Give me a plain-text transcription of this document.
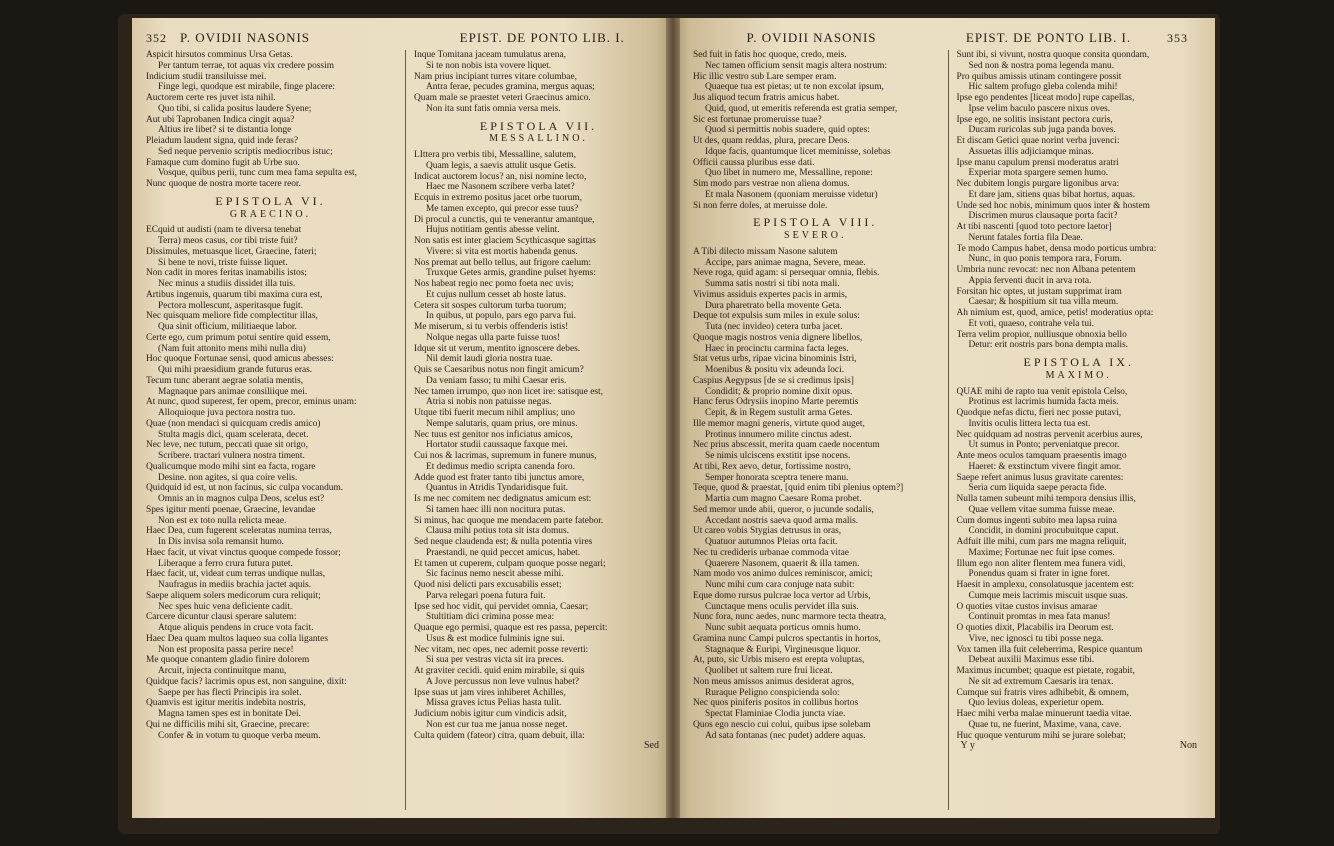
352	P. OVIDII NASONIS	EPIST. DE PONTO LIB. I.
Aspicit hirsutos comminus Ursa Getas.
Per tantum terrae, tot aquas vix credere possim
Indicium studii transiluisse mei.
Finge legi, quodque est mirabile, finge placere:
Auctorem certe res juvet ista nihil.
Quo tibi, si calida positus laudere Syene;
Aut ubi Taprobanen Indica cingit aqua?
Altius ire libet? si te distantia longe
Pleiadum laudent signa, quid inde feras?
Sed neque pervenio scriptis mediocribus istuc;
Famaque cum domino fugit ab Urbe suo.
Vosque, quibus perii, tunc cum mea fama sepulta est,
Nunc quoque de nostra morte tacere reor.
EPISTOLA VI.
GRAECINO.
ECquid ut audisti (nam te diversa tenebat
Terra) meos casus, cor tibi triste fuit?
Dissimules, metuasque licet, Graecine, fateri;
Si bene te novi, triste fuisse liquet.
Non cadit in mores feritas inamabilis istos;
Nec minus a studiis dissidet illa tuis.
Artibus ingenuis, quarum tibi maxima cura est,
Pectora mollescunt, asperitasque fugit.
Nec quisquam meliore fide complectitur illas,
Qua sinit officium, militiaeque labor.
Certe ego, cum primum potui sentire quid essem,
(Nam fuit attonito mens mihi nulla diu)
Hoc quoque Fortunae sensi, quod amicus abesses:
Qui mihi praesidium grande futurus eras.
Tecum tunc aberant aegrae solatia mentis,
Magnaque pars animae consiliique mei.
At nunc, quod superest, fer opem, precor, eminus unam:
Alloquioque juva pectora nostra tuo.
Quae (non mendaci si quicquam credis amico)
Stulta magis dici, quam scelerata, decet.
Nec leve, nec tutum, peccati quae sit origo,
Scribere. tractari vulnera nostra timent.
Qualicumque modo mihi sint ea facta, rogare
Desine. non agites, si qua coire velis.
Quidquid id est, ut non facinus, sic culpa vocandum.
Omnis an in magnos culpa Deos, scelus est?
Spes igitur menti poenae, Graecine, levandae
Non est ex toto nulla relicta meae.
Haec Dea, cum fugerent sceleratas numina terras,
In Dis invisa sola remansit humo.
Haec facit, ut vivat vinctus quoque compede fossor;
Liberaque a ferro crura futura putet.
Haec facit, ut, videat cum terras undique nullas,
Naufragus in mediis brachia jactet aquis.
Saepe aliquem solers medicorum cura reliquit;
Nec spes huic vena deficiente cadit.
Carcere dicuntur clausi sperare salutem:
Atque aliquis pendens in cruce vota facit.
Haec Dea quam multos laqueo sua colla ligantes
Non est proposita passa perire nece!
Me quoque conantem gladio finire dolorem
Arcuit, injecta continuitque manu,
Quidque facis? lacrimis opus est, non sanguine, dixit:
Saepe per has flecti Principis ira solet.
Quamvis est igitur meritis indebita nostris,
Magna tamen spes est in bonitate Dei.
Qui ne difficilis mihi sit, Graecine, precare:
Confer & in votum tu quoque verba meum.
Inque Tomitana jaceam tumulatus arena,
Si te non nobis ista vovere liquet.
Nam prius incipiant turres vitare columbae,
Antra ferae, pecudes gramina, mergus aquas;
Quam male se praestet veteri Graecinus amico.
Non ita sunt fatis omnia versa meis.
EPISTOLA VII.
MESSALLINO.
LIttera pro verbis tibi, Messalline, salutem,
Quam legis, a saevis attulit usque Getis.
Indicat auctorem locus? an, nisi nomine lecto,
Haec me Nasonem scribere verba latet?
Ecquis in extremo positus jacet orbe tuorum,
Me tamen excepto, qui precor esse tuus?
Di procul a cunctis, qui te venerantur amantque,
Hujus notitiam gentis abesse velint.
Non satis est inter glaciem Scythicasque sagittas
Vivere: si vita est mortis habenda genus.
Nos premat aut bello tellus, aut frigore caelum:
Truxque Getes armis, grandine pulset hyems:
Nos habeat regio nec pomo foeta nec uvis;
Et cujus nullum cesset ab hoste latus.
Cetera sit sospes cultorum turba tuorum;
In quibus, ut populo, pars ego parva fui.
Me miserum, si tu verbis offenderis istis!
Nolque negas ulla parte fuisse tuos!
Idque sit ut verum, mentito ignoscere debes.
Nil demit laudi gloria nostra tuae.
Quis se Caesaribus notus non fingit amicum?
Da veniam fasso; tu mihi Caesar eris.
Nec tamen irrumpo, quo non licet ire: satisque est,
Atria si nobis non patuisse negas.
Utque tibi fuerit mecum nihil amplius; uno
Nempe salutaris, quam prius, ore minus.
Nec tuus est genitor nos inficiatus amicos,
Hortator studii caussaque faxque mei.
Cui nos & lacrimas, supremum in funere munus,
Et dedimus medio scripta canenda foro.
Adde quod est frater tanto tibi junctus amore,
Quantus in Atridis Tyndaridisque fuit.
Is me nec comitem nec dedignatus amicum est:
Si tamen haec illi non nocitura putas.
Si minus, hac quoque me mendacem parte fatebor.
Clausa mihi potius tota sit ista domus.
Sed neque claudenda est; & nulla potentia vires
Praestandi, ne quid peccet amicus, habet.
Et tamen ut cuperem, culpam quoque posse negari;
Sic facinus nemo nescit abesse mihi.
Quod nisi delicti pars excusabilis esset;
Parva relegari poena futura fuit.
Ipse sed hoc vidit, qui pervidet omnia, Caesar;
Stultitiam dici crimina posse mea:
Quaque ego permisi, quaque est res passa, pepercit:
Usus & est modice fulminis igne sui.
Nec vitam, nec opes, nec ademit posse reverti:
Si sua per vestras victa sit ira preces.
At graviter cecidi. quid enim mirabile, si quis
A Jove percussus non leve vulnus habet?
Ipse suas ut jam vires inhiberet Achilles,
Missa graves ictus Pelias hasta tulit.
Judicium nobis igitur cum vindicis adsit,
Non est cur tua me janua nosse neget.
Culta quidem (fateor) citra, quam debuit, illa:
Sed
P. OVIDII NASONIS	EPIST. DE PONTO LIB. I.	353
Sed fuit in fatis hoc quoque, credo, meis.
Nec tamen officium sensit magis altera nostrum:
Hic illic vestro sub Lare semper eram.
Quaeque tua est pietas; ut te non excolat ipsum,
Jus aliquod tecum fratris amicus habet.
Quid, quod, ut emeritis referenda est gratia semper,
Sic est fortunae promeruisse tuae?
Quod si permittis nobis suadere, quid optes:
Ut des, quam reddas, plura, precare Deos.
Idque facis, quantumque licet meminisse, solebas
Officii caussa pluribus esse dati.
Quo libet in numero me, Messalline, repone:
Sim modo pars vestrae non aliena domus.
Et mala Nasonem (quoniam meruisse videtur)
Si non ferre doles, at meruisse dole.
EPISTOLA VIII.
SEVERO.
A Tibi dilecto missam Nasone salutem
Accipe, pars animae magna, Severe, meae.
Neve roga, quid agam: si persequar omnia, flebis.
Summa satis nostri si tibi nota mali.
Vivimus assiduis expertes pacis in armis,
Dura pharetrato bella movente Geta.
Deque tot expulsis sum miles in exule solus:
Tuta (nec invideo) cetera turba jacet.
Quoque magis nostros venia dignere libellos,
Haec in procinctu carmina facta leges.
Stat vetus urbs, ripae vicina binominis Istri,
Moenibus & positu vix adeunda loci.
Caspius Aegypsus [de se si credimus ipsis]
Condidit; & proprio nomine dixit opus.
Hanc ferus Odrysiis inopino Marte peremtis
Cepit, & in Regem sustulit arma Getes.
Ille memor magni generis, virtute quod auget,
Protinus innumero milite cinctus adest.
Nec prius abscessit, merita quam caede nocentum
Se nimis ulciscens exstitit ipse nocens.
At tibi, Rex aevo, detur, fortissime nostro,
Semper honorata sceptra tenere manu.
Teque, quod & praestat, [quid enim tibi plenius optem?]
Martia cum magno Caesare Roma probet.
Sed memor unde abii, queror, o jucunde sodalis,
Accedant nostris saeva quod arma malis.
Ut careo vobis Stygias detrusus in oras,
Quatuor autumnos Pleias orta facit.
Nec tu credideris urbanae commoda vitae
Quaerere Nasonem, quaerit & illa tamen.
Nam modo vos animo dulces reminiscor, amici;
Nunc mihi cum cara conjuge nata subit:
Eque domo rursus pulcrae loca vertor ad Urbis,
Cunctaque mens oculis pervidet illa suis.
Nunc fora, nunc aedes, nunc marmore tecta theatra,
Nunc subit aequata porticus omnis humo.
Gramina nunc Campi pulcros spectantis in hortos,
Stagnaque & Euripi, Virgineusque liquor.
At, puto, sic Urbis misero est erepta voluptas,
Quolibet ut saltem rure frui liceat.
Non meus amissos animus desiderat agros,
Ruraque Peligno conspicienda solo:
Nec quos piniferis positos in collibus hortos
Spectat Flaminiae Clodia juncta viae.
Quos ego nescio cui colui, quibus ipse solebam
Ad sata fontanas (nec pudet) addere aquas.
Sunt ibi, si vivunt, nostra quoque consita quondam,
Sed non & nostra poma legenda manu.
Pro quibus amissis utinam contingere possit
Hic saltem profugo gleba colenda mihi!
Ipse ego pendentes [liceat modo] rupe capellas,
Ipse velim baculo pascere nixus oves.
Ipse ego, ne solitis insistant pectora curis,
Ducam ruricolas sub juga panda boves.
Et discam Getici quae norint verba juvenci:
Assuetas illis adjiciamque minas.
Ipse manu capulum prensi moderatus aratri
Experiar mota spargere semen humo.
Nec dubitem longis purgare ligonibus arva:
Et dare jam, sitiens quas bibat hortus, aquas.
Unde sed hoc nobis, minimum quos inter & hostem
Discrimen murus clausaque porta facit?
At tibi nascenti [quod toto pectore laetor]
Nerunt fatales fortia fila Deae.
Te modo Campus habet, densa modo porticus umbra:
Nunc, in quo ponis tempora rara, Forum.
Umbria nunc revocat: nec non Albana petentem
Appia ferventi ducit in arva rota.
Forsitan hic optes, ut justam supprimat iram
Caesar; & hospitium sit tua villa meum.
Ah nimium est, quod, amice, petis! moderatius opta:
Et voti, quaeso, contrahe vela tui.
Terra velim propior, nulliusque obnoxia bello
Detur: erit nostris pars bona dempta malis.
EPISTOLA IX.
MAXIMO.
QUAE mihi de rapto tua venit epistola Celso,
Protinus est lacrimis humida facta meis.
Quodque nefas dictu, fieri nec posse putavi,
Invitis oculis littera lecta tua est.
Nec quidquam ad nostras pervenit acerbius aures,
Ut sumus in Ponto; perveniatque precor.
Ante meos oculos tamquam praesentis imago
Haeret: & exstinctum vivere fingit amor.
Saepe refert animus lusus gravitate carentes:
Seria cum liquida saepe peracta fide.
Nulla tamen subeunt mihi tempora densius illis,
Quae vellem vitae summa fuisse meae.
Cum domus ingenti subito mea lapsa ruina
Concidit, in domini procubuitque caput.
Adfuit ille mihi, cum pars me magna reliquit,
Maxime; Fortunae nec fuit ipse comes.
Illum ego non aliter flentem mea funera vidi,
Ponendus quam si frater in igne foret.
Haesit in amplexu, consolatusque jacentem est:
Cumque meis lacrimis miscuit usque suas.
O quoties vitae custos invisus amarae
Continuit promtas in mea fata manus!
O quoties dixit, Placabilis ira Deorum est.
Vive, nec ignosci tu tibi posse nega.
Vox tamen illa fuit celeberrima, Respice quantum
Debeat auxilii Maximus esse tibi.
Maximus incumbet; quaque est pietate, rogabit,
Ne sit ad extremum Caesaris ira tenax.
Cumque sui fratris vires adhibebit, & omnem,
Quo levius doleas, experietur opem.
Haec mihi verba malae minuerunt taedia vitae.
Quae tu, ne fuerint, Maxime, vana, cave.
Huc quoque venturum mihi se jurare solebat;
Y y	Non
